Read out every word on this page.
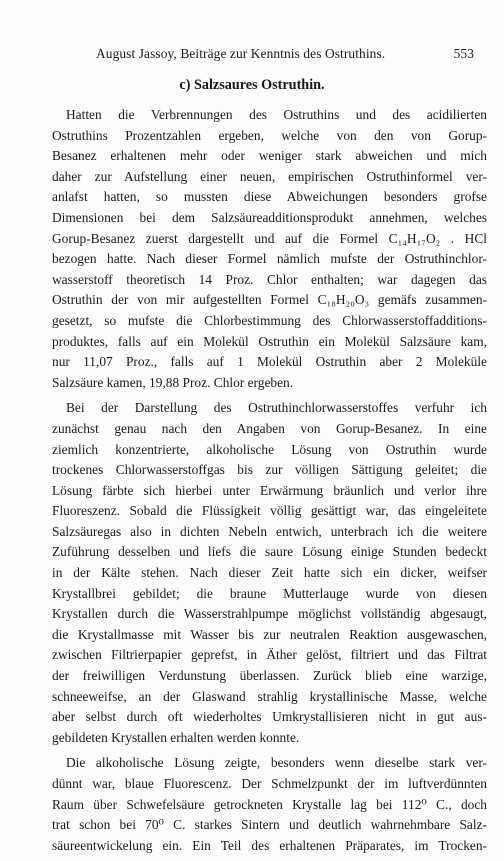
August Jassoy, Beiträge zur Kenntnis des Ostruthins.	553
c) Salzsaures Ostruthin.
Hatten die Verbrennungen des Ostruthins und des acidilierten
Ostruthins Prozentzahlen ergeben, welche von den von Gorup-
Besanez erhaltenen mehr oder weniger stark abweichen und mich
daher zur Aufstellung einer neuen, empirischen Ostruthinformel ver-
anlafst hatten, so mussten diese Abweichungen besonders grofse
Dimensionen bei dem Salzsäureadditionsprodukt annehmen, welches
Gorup-Besanez zuerst dargestellt und auf die Formel C₁₄H₁₇O₂ . HCl
bezogen hatte. Nach dieser Formel nämlich mufste der Ostruthinchlor-
wasserstoff theoretisch 14 Proz. Chlor enthalten; war dagegen das
Ostruthin der von mir aufgestellten Formel C₁₈H₂₀O₃ gemäfs zusammen-
gesetzt, so mufste die Chlorbestimmung des Chlorwasserstoffadditions-
produktes, falls auf ein Molekül Ostruthin ein Molekül Salzsäure kam,
nur 11,07 Proz., falls auf 1 Molekül Ostruthin aber 2 Moleküle
Salzsäure kamen, 19,88 Proz. Chlor ergeben.
Bei der Darstellung des Ostruthinchlorwasserstoffes verfuhr ich
zunächst genau nach den Angaben von Gorup-Besanez. In eine
ziemlich konzentrierte, alkoholische Lösung von Ostruthin wurde
trockenes Chlorwasserstoffgas bis zur völligen Sättigung geleitet; die
Lösung färbte sich hierbei unter Erwärmung bräunlich und verlor ihre
Fluoreszenz. Sobald die Flüssigkeit völlig gesättigt war, das eingeleitete
Salzsäuregas also in dichten Nebeln entwich, unterbrach ich die weitere
Zuführung desselben und liefs die saure Lösung einige Stunden bedeckt
in der Kälte stehen. Nach dieser Zeit hatte sich ein dicker, weifser
Krystallbrei gebildet; die braune Mutterlauge wurde von diesen
Krystallen durch die Wasserstrahlpumpe möglichst vollständig abgesaugt,
die Krystallmasse mit Wasser bis zur neutralen Reaktion ausgewaschen,
zwischen Filtrierpapier geprefst, in Äther gelöst, filtriert und das Filtrat
der freiwilligen Verdunstung überlassen. Zurück blieb eine warzige,
schneeweifse, an der Glaswand strahlig krystallinische Masse, welche
aber selbst durch oft wiederholtes Umkrystallisieren nicht in gut aus-
gebildeten Krystallen erhalten werden konnte.
Die alkoholische Lösung zeigte, besonders wenn dieselbe stark ver-
dünnt war, blaue Fluorescenz. Der Schmelzpunkt der im luftverdünnten
Raum über Schwefelsäure getrockneten Krystalle lag bei 112⁰ C., doch
trat schon bei 70⁰ C. starkes Sintern und deutlich wahrnehmbare Salz-
säureentwickelung ein. Ein Teil des erhaltenen Präparates, im Trocken-
